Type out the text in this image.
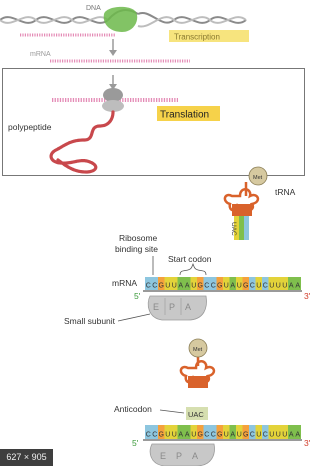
DNA
Transcription
mRNA
Translation
polypeptide
Met
tRNA
UAC
Ribosome
binding site
Start codon
mRNA C C G U U A A U G C C G U A U G C U C U U U A A
5'	3'
E P A
Small subunit
Met
Anticodon
UAC
C C G U U A A U G C C G U A U G C U C U U U A A
5'	3'
E P A
627 × 905
